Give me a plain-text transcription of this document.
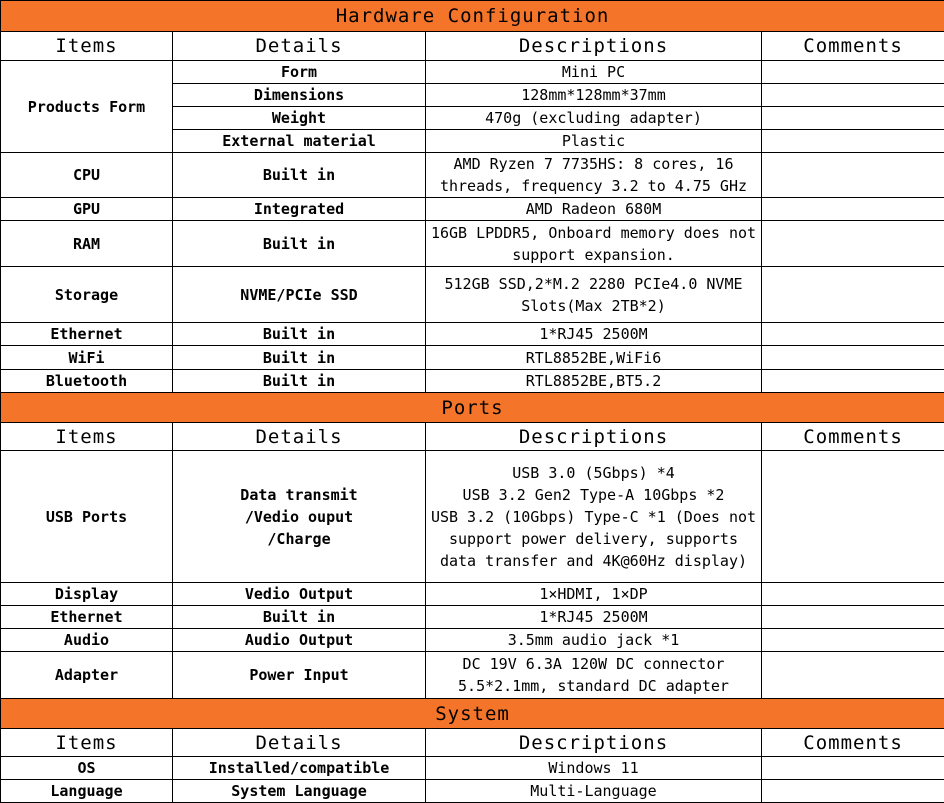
Hardware Configuration			
Items	Details	Descriptions	Comments
Products Form	Form	Mini PC	
	Dimensions	128mm*128mm*37mm	
	Weight	470g (excluding adapter)	
	External material	Plastic	
CPU	Built in	AMD Ryzen 7 7735HS: 8 cores, 16
threads, frequency 3.2 to 4.75 GHz	
GPU	Integrated	AMD Radeon 680M	
RAM	Built in	16GB LPDDR5, Onboard memory does not
support expansion.	
Storage	NVME/PCIe SSD	512GB SSD,2*M.2 2280 PCIe4.0 NVME
Slots(Max 2TB*2)	
Ethernet	Built in	1*RJ45 2500M	
WiFi	Built in	RTL8852BE,WiFi6	
Bluetooth	Built in	RTL8852BE,BT5.2	
Ports			
Items	Details	Descriptions	Comments
USB Ports	Data transmit
/Vedio ouput
/Charge	USB 3.0 (5Gbps) *4
USB 3.2 Gen2 Type-A 10Gbps *2
USB 3.2 (10Gbps) Type-C *1 (Does not
support power delivery, supports
data transfer and 4K@60Hz display)	
Display	Vedio Output	1×HDMI, 1×DP	
Ethernet	Built in	1*RJ45 2500M	
Audio	Audio Output	3.5mm audio jack *1	
Adapter	Power Input	DC 19V 6.3A 120W DC connector
5.5*2.1mm, standard DC adapter	
System			
Items	Details	Descriptions	Comments
OS	Installed/compatible	Windows 11	
Language	System Language	Multi-Language	
